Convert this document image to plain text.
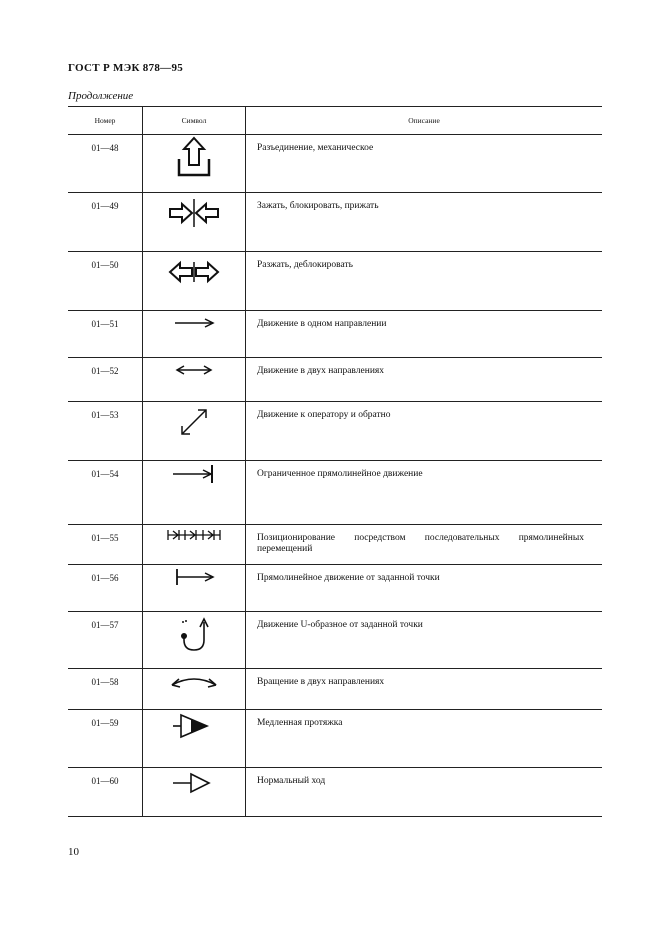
ГОСТ Р МЭК 878—95
Продолжение
Номер	Символ	Описание

01—48		Разъединение, механическое

01—49		Зажать, блокировать, прижать

01—50		Разжать, деблокировать

01—51		Движение в одном направлении

01—52		Движение в двух направлениях

01—53		Движение к оператору и обратно

01—54		Ограниченное прямолинейное движение

01—55		Позиционирование посредством последовательных прямолинейных перемещений

01—56		Прямолинейное движение от заданной точки

01—57		Движение U-образное от заданной точки

01—58		Вращение в двух направлениях

01—59		Медленная протяжка

01—60		Нормальный ход
10
